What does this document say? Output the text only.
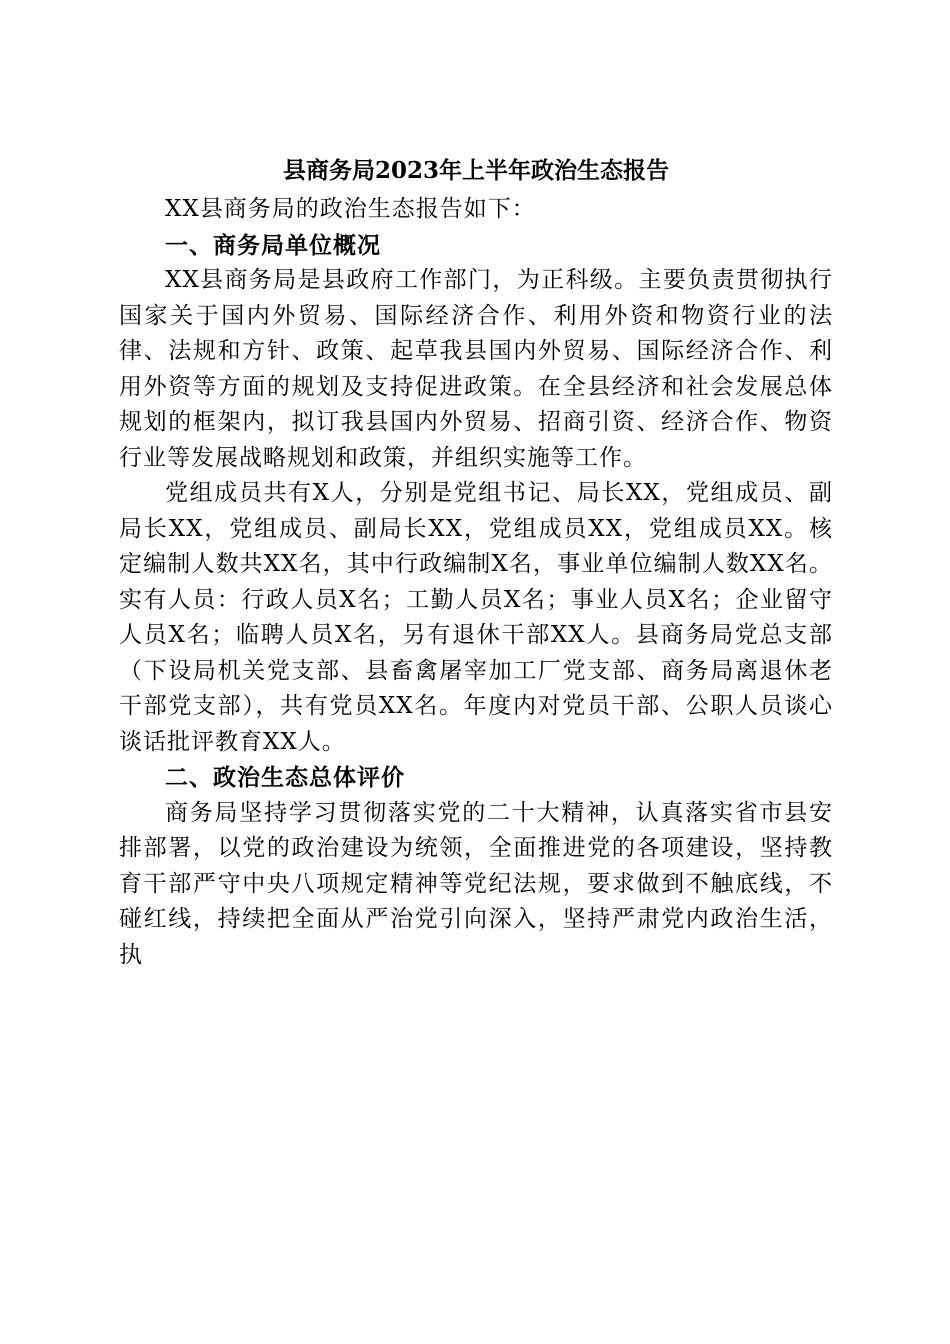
县商务局2023年上半年政治生态报告

XX县商务局的政治生态报告如下：

一、商务局单位概况

XX县商务局是县政府工作部门，为正科级。主要负责贯彻执行国家关于国内外贸易、国际经济合作、利用外资和物资行业的法律、法规和方针、政策、起草我县国内外贸易、国际经济合作、利用外资等方面的规划及支持促进政策。在全县经济和社会发展总体规划的框架内，拟订我县国内外贸易、招商引资、经济合作、物资行业等发展战略规划和政策，并组织实施等工作。

党组成员共有X人，分别是党组书记、局长XX，党组成员、副局长XX，党组成员、副局长XX，党组成员XX，党组成员XX。核定编制人数共XX名，其中行政编制X名，事业单位编制人数XX名。实有人员：行政人员X名；工勤人员X名；事业人员X名；企业留守人员X名；临聘人员X名，另有退休干部XX人。县商务局党总支部（下设局机关党支部、县畜禽屠宰加工厂党支部、商务局离退休老干部党支部），共有党员XX名。年度内对党员干部、公职人员谈心谈话批评教育XX人。

二、政治生态总体评价

商务局坚持学习贯彻落实党的二十大精神，认真落实省市县安排部署，以党的政治建设为统领，全面推进党的各项建设，坚持教育干部严守中央八项规定精神等党纪法规，要求做到不触底线，不碰红线，持续把全面从严治党引向深入，坚持严肃党内政治生活，执
